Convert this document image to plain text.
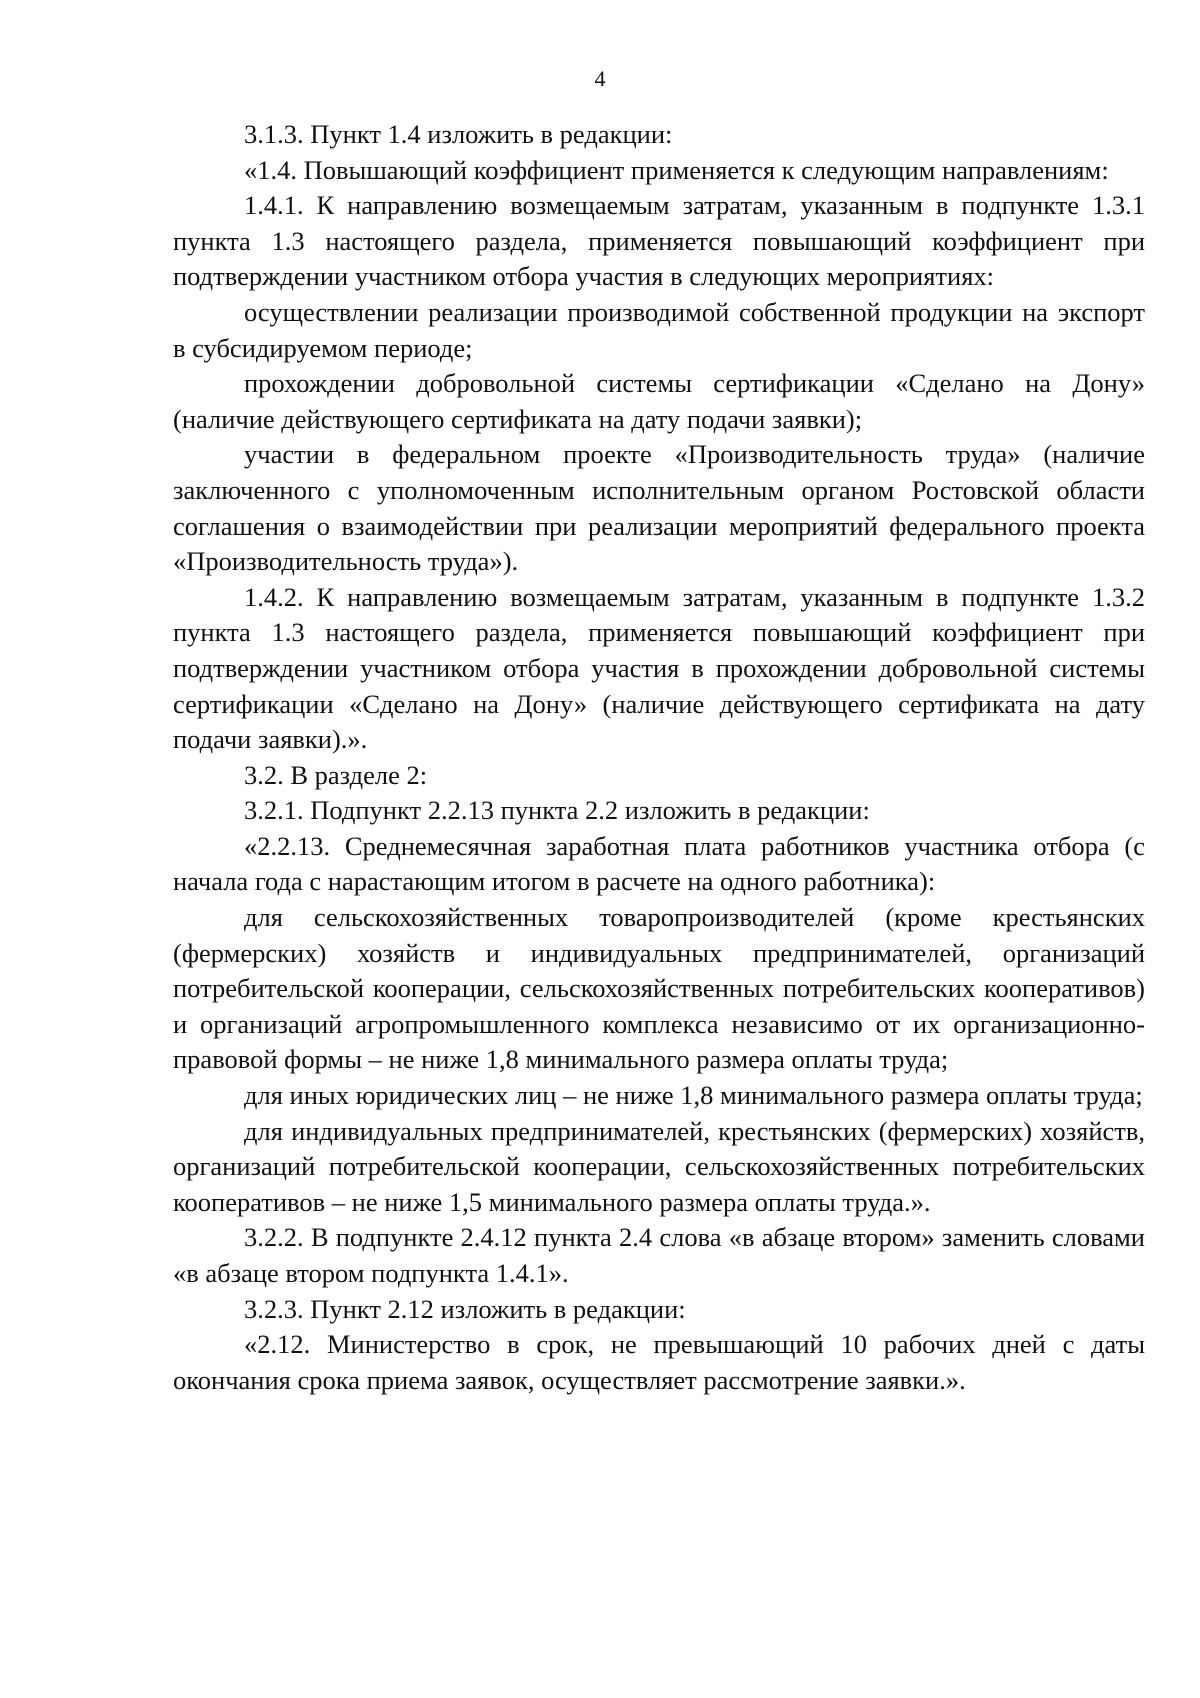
4

3.1.3. Пункт 1.4 изложить в редакции:

«1.4. Повышающий коэффициент применяется к следующим направлениям:

1.4.1. К направлению возмещаемым затратам, указанным в подпункте 1.3.1 пункта 1.3 настоящего раздела, применяется повышающий коэффициент при подтверждении участником отбора участия в следующих мероприятиях:

осуществлении реализации производимой собственной продукции на экспорт в субсидируемом периоде;

прохождении добровольной системы сертификации «Сделано на Дону» (наличие действующего сертификата на дату подачи заявки);

участии в федеральном проекте «Производительность труда» (наличие заключенного с уполномоченным исполнительным органом Ростовской области соглашения о взаимодействии при реализации мероприятий федерального проекта «Производительность труда»).

1.4.2. К направлению возмещаемым затратам, указанным в подпункте 1.3.2 пункта 1.3 настоящего раздела, применяется повышающий коэффициент при подтверждении участником отбора участия в прохождении добровольной системы сертификации «Сделано на Дону» (наличие действующего сертификата на дату подачи заявки).».

3.2. В разделе 2:

3.2.1. Подпункт 2.2.13 пункта 2.2 изложить в редакции:

«2.2.13. Среднемесячная заработная плата работников участника отбора (с начала года с нарастающим итогом в расчете на одного работника):

для сельскохозяйственных товаропроизводителей (кроме крестьянских (фермерских) хозяйств и индивидуальных предпринимателей, организаций потребительской кооперации, сельскохозяйственных потребительских кооперативов) и организаций агропромышленного комплекса независимо от их организационно-правовой формы – не ниже 1,8 минимального размера оплаты труда;

для иных юридических лиц – не ниже 1,8 минимального размера оплаты труда;

для индивидуальных предпринимателей, крестьянских (фермерских) хозяйств, организаций потребительской кооперации, сельскохозяйственных потребительских кооперативов – не ниже 1,5 минимального размера оплаты труда.».

3.2.2. В подпункте 2.4.12 пункта 2.4 слова «в абзаце втором» заменить словами «в абзаце втором подпункта 1.4.1».

3.2.3. Пункт 2.12 изложить в редакции:

«2.12. Министерство в срок, не превышающий 10 рабочих дней с даты окончания срока приема заявок, осуществляет рассмотрение заявки.».
